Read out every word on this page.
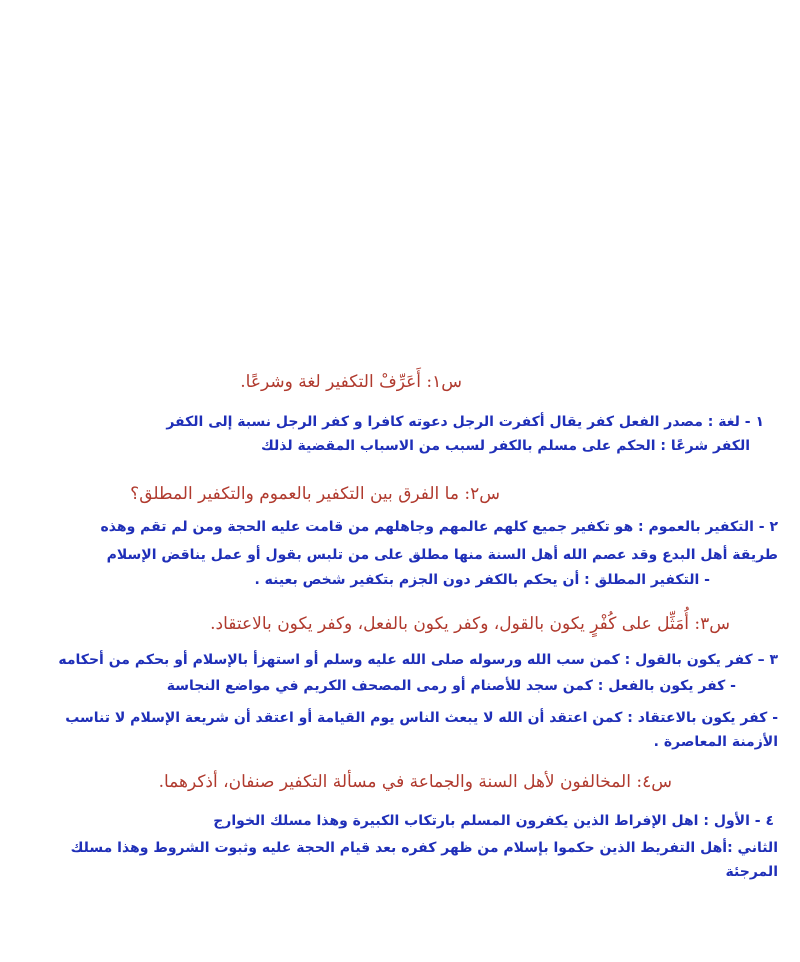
س١: أَعَرِّفْ التكفير لغة وشرعًا.
١ - لغة : مصدر الفعل كفر يقال أكفرت الرجل دعوته كافرا و كفر الرجل نسبة إلى الكفر
الكفر شرعًا : الحكم على مسلم بالكفر لسبب من الاسباب المقضية لذلك
س٢: ما الفرق بين التكفير بالعموم والتكفير المطلق؟
٢ - التكفير بالعموم : هو تكفير جميع كلهم عالمهم وجاهلهم من قامت عليه الحجة ومن لم تقم وهذه
طريقة أهل البدع وقد عصم الله أهل السنة منها مطلق على من تلبس بقول أو عمل يناقض الإسلام
- التكفير المطلق : أن يحكم بالكفر دون الجزم بتكفير شخص بعينه .
س٣: أُمَثِّل على كُفْرٍ يكون بالقول، وكفر يكون بالفعل، وكفر يكون بالاعتقاد.
٣ – كفر يكون بالقول : كمن سب الله ورسوله صلى الله عليه وسلم أو استهزأ بالإسلام أو بحكم من أحكامه
- كفر يكون بالفعل : كمن سجد للأصنام أو رمى المصحف الكريم في مواضع النجاسة
- كفر يكون بالاعتقاد : كمن اعتقد أن الله لا يبعث الناس يوم القيامة أو اعتقد أن شريعة الإسلام لا تناسب
الأزمنة المعاصرة .
س٤: المخالفون لأهل السنة والجماعة في مسألة التكفير صنفان، أذكرهما.
٤ - الأول : اهل الإفراط الذين يكفرون المسلم بارتكاب الكبيرة وهذا مسلك الخوارج
الثاني :أهل التفريط الذين حكموا بإسلام من ظهر كفره بعد قيام الحجة عليه وثبوت الشروط وهذا مسلك
المرجئة
